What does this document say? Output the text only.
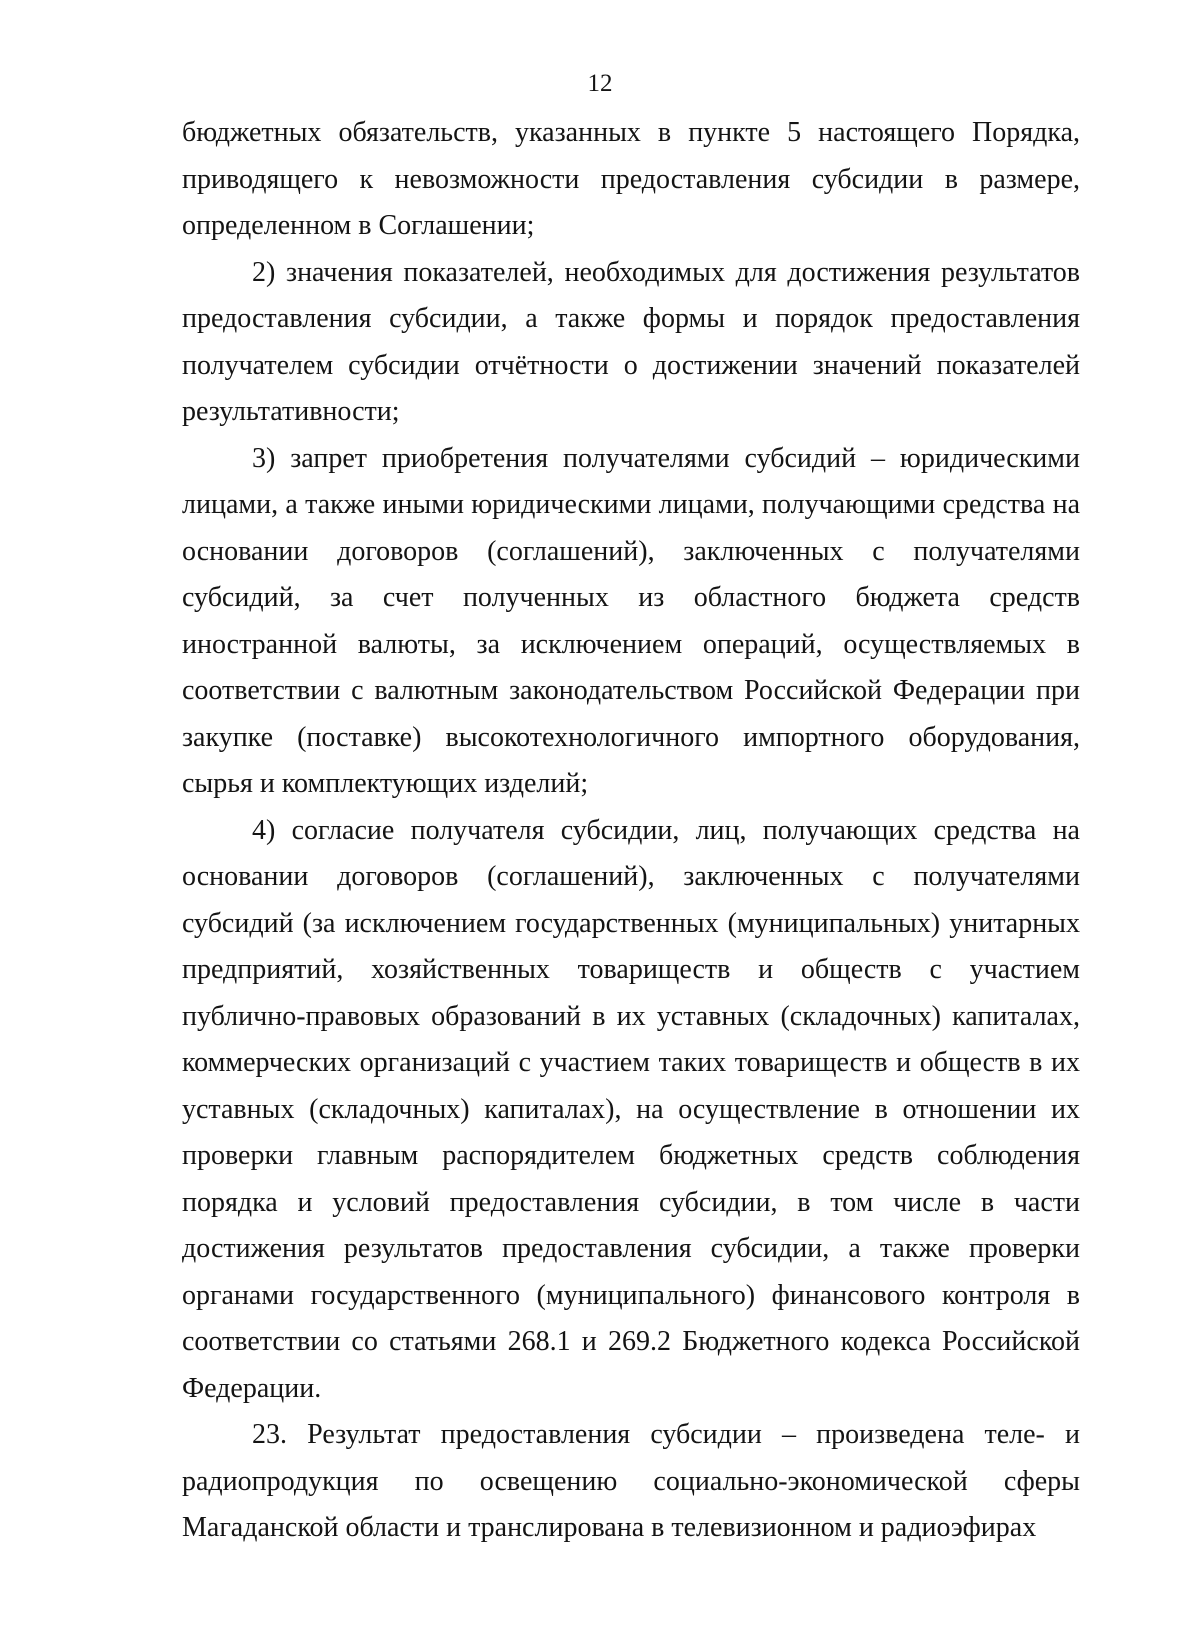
12

бюджетных обязательств, указанных в пункте 5 настоящего Порядка, приводящего к невозможности предоставления субсидии в размере, определенном в Соглашении;

2) значения показателей, необходимых для достижения результатов предоставления субсидии, а также формы и порядок предоставления получателем субсидии отчётности о достижении значений показателей результативности;

3) запрет приобретения получателями субсидий – юридическими лицами, а также иными юридическими лицами, получающими средства на основании договоров (соглашений), заключенных с получателями субсидий, за счет полученных из областного бюджета средств иностранной валюты, за исключением операций, осуществляемых в соответствии с валютным законодательством Российской Федерации при закупке (поставке) высокотехнологичного импортного оборудования, сырья и комплектующих изделий;

4) согласие получателя субсидии, лиц, получающих средства на основании договоров (соглашений), заключенных с получателями субсидий (за исключением государственных (муниципальных) унитарных предприятий, хозяйственных товариществ и обществ с участием публично-правовых образований в их уставных (складочных) капиталах, коммерческих организаций с участием таких товариществ и обществ в их уставных (складочных) капиталах), на осуществление в отношении их проверки главным распорядителем бюджетных средств соблюдения порядка и условий предоставления субсидии, в том числе в части достижения результатов предоставления субсидии, а также проверки органами государственного (муниципального) финансового контроля в соответствии со статьями 268.1 и 269.2 Бюджетного кодекса Российской Федерации.

23. Результат предоставления субсидии – произведена теле- и радиопродукция по освещению социально-экономической сферы Магаданской области и транслирована в телевизионном и радиоэфирах
